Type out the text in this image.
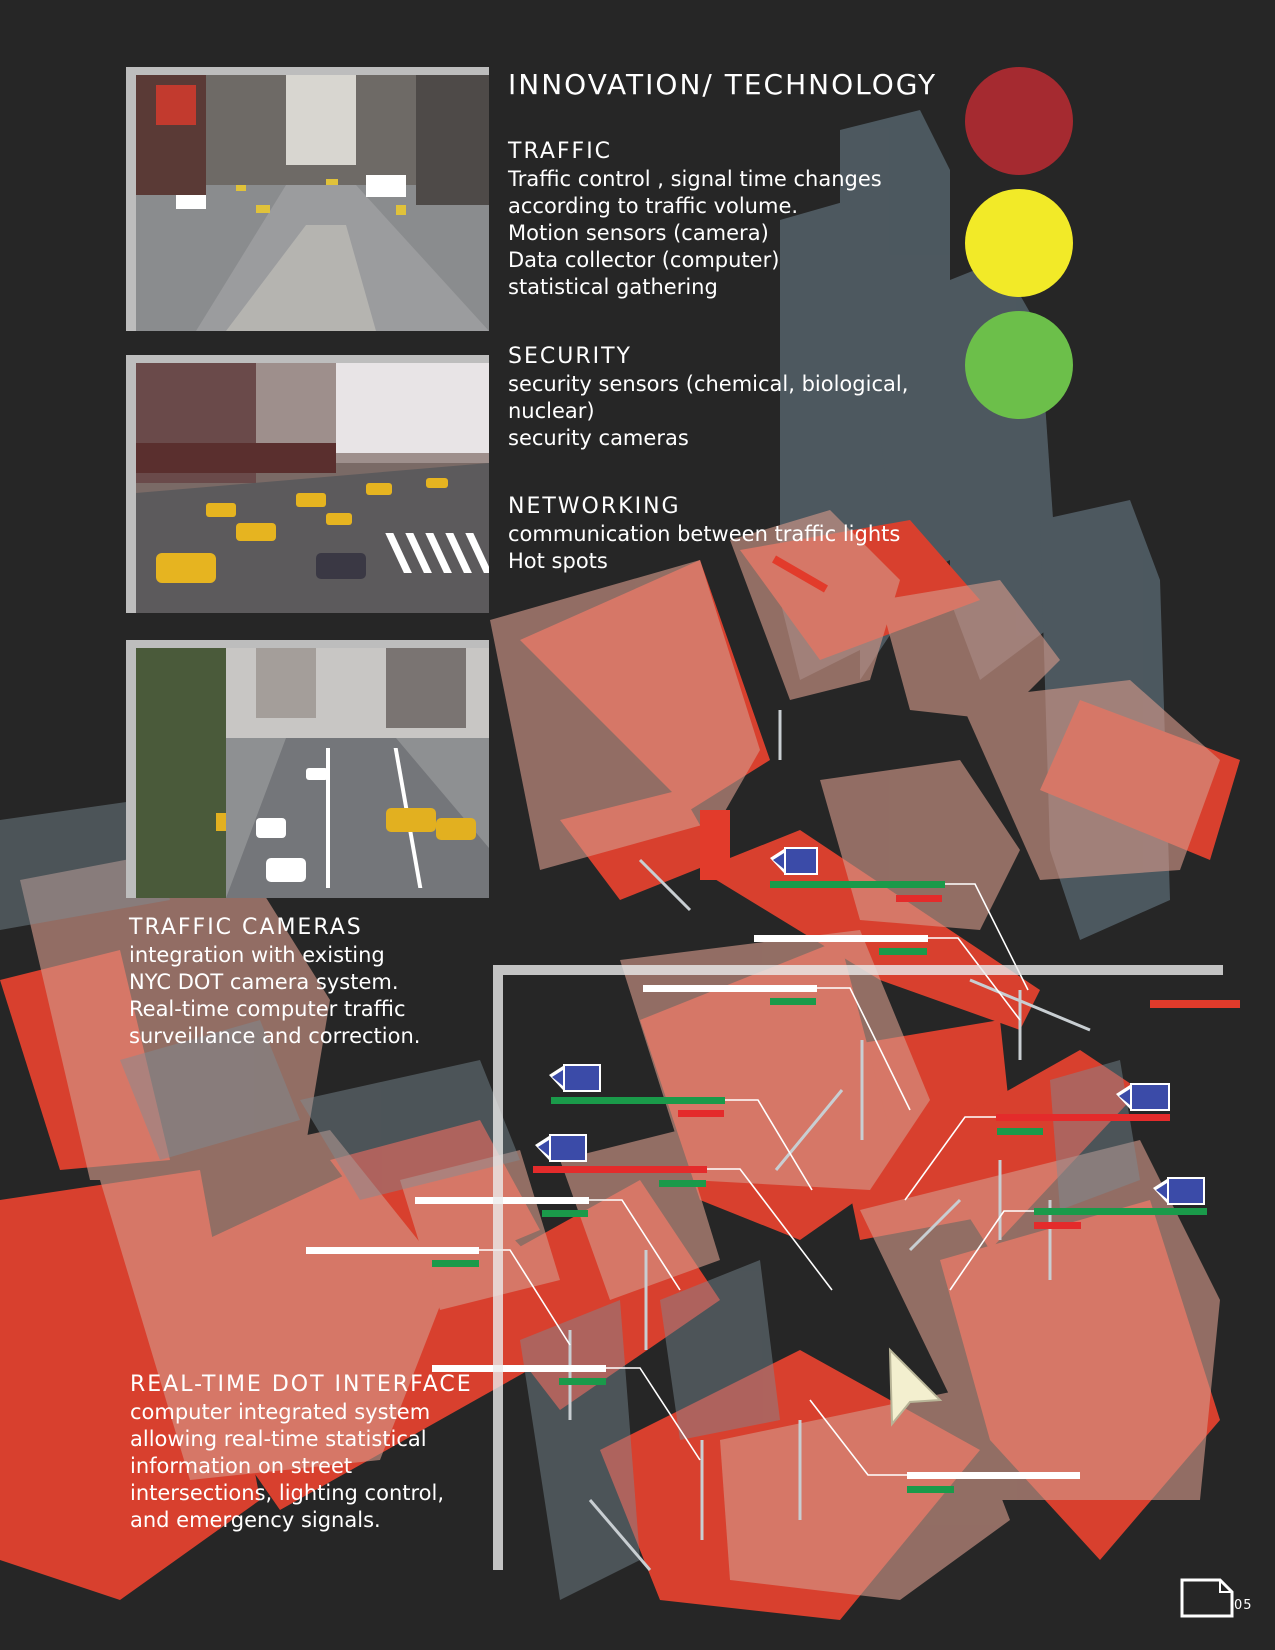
INNOVATION/ TECHNOLOGY
TRAFFIC
Traffic control , signal time changes
according to traffic volume.
Motion sensors (camera)
Data collector (computer)
statistical gathering
SECURITY
security sensors (chemical, biological,
nuclear)
security cameras
NETWORKING
communication between traffic lights
Hot spots
TRAFFIC CAMERAS
integration with existing
NYC DOT camera system.
Real-time computer traffic
surveillance and correction.
REAL-TIME DOT INTERFACE
computer integrated system
allowing real-time statistical
information on street
intersections, lighting control,
and emergency signals.
05
